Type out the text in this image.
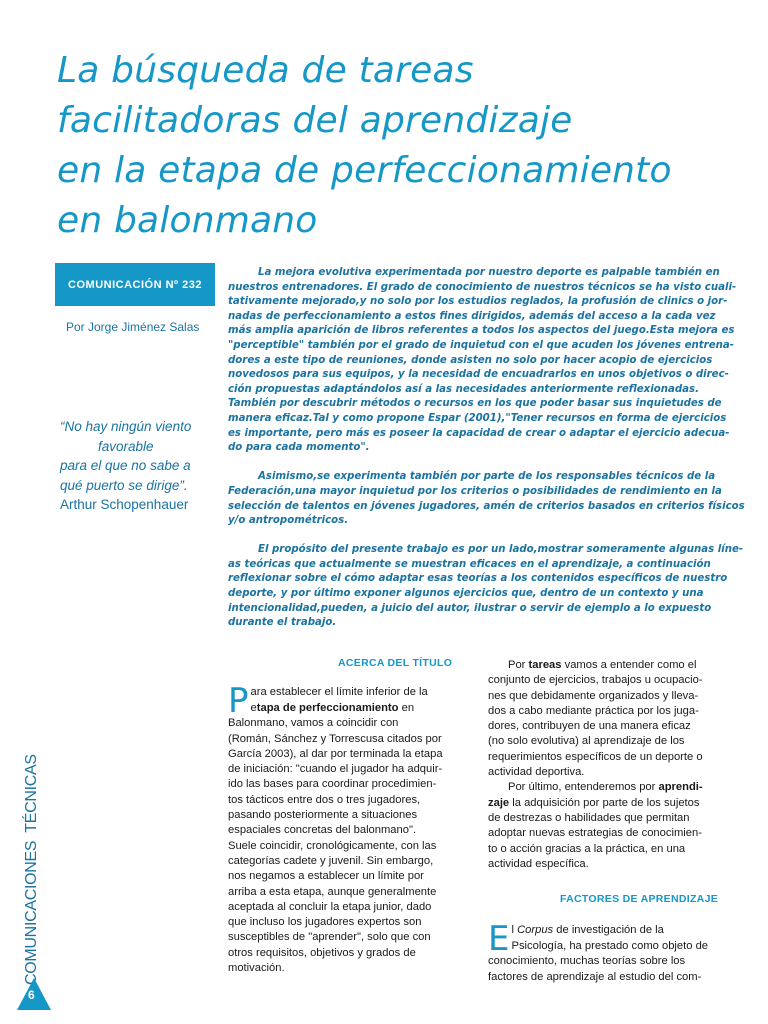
La búsqueda de tareas
facilitadoras del aprendizaje
en la etapa de perfeccionamiento
en balonmano
COMUNICACIÓN Nº 232
Por Jorge Jiménez Salas
“No hay ningún viento
favorable
para el que no sabe a
qué puerto se dirige”.
Arthur Schopenhauer

La mejora evolutiva experimentada por nuestro deporte es palpable también en
nuestros entrenadores. El grado de conocimiento de nuestros técnicos se ha visto cuali-
tativamente mejorado,y no solo por los estudios reglados, la profusión de clinics o jor-
nadas de perfeccionamiento a estos fines dirigidos, además del acceso a la cada vez
más amplia aparición de libros referentes a todos los aspectos del juego.Esta mejora es
"perceptible" también por el grado de inquietud con el que acuden los jóvenes entrena-
dores a este tipo de reuniones, donde asisten no solo por hacer acopio de ejercicios
novedosos para sus equipos, y la necesidad de encuadrarlos en unos objetivos o direc-
ción propuestas adaptándolos así a las necesidades anteriormente reflexionadas.
También por descubrir métodos o recursos en los que poder basar sus inquietudes de
manera eficaz.Tal y como propone Espar (2001),"Tener recursos en forma de ejercicios
es importante, pero más es poseer la capacidad de crear o adaptar el ejercicio adecua-
do para cada momento".

Asimismo,se experimenta también por parte de los responsables técnicos de la
Federación,una mayor inquietud por los criterios o posibilidades de rendimiento en la
selección de talentos en jóvenes jugadores, amén de criterios basados en criterios físicos
y/o antropométricos.

El propósito del presente trabajo es por un lado,mostrar someramente algunas líne-
as teóricas que actualmente se muestran eficaces en el aprendizaje, a continuación
reflexionar sobre el cómo adaptar esas teorías a los contenidos específicos de nuestro
deporte, y por último exponer algunos ejercicios que, dentro de un contexto y una
intencionalidad,pueden, a juicio del autor, ilustrar o servir de ejemplo a lo expuesto
durante el trabajo.

ACERCA DEL TÍTULO
P ara establecer el límite inferior de la
etapa de perfeccionamiento en
Balonmano, vamos a coincidir con
(Román, Sánchez y Torrescusa citados por
García 2003), al dar por terminada la etapa
de iniciación: "cuando el jugador ha adquir-
ido las bases para coordinar procedimien-
tos tácticos entre dos o tres jugadores,
pasando posteriormente a situaciones
espaciales concretas del balonmano".
Suele coincidir, cronológicamente, con las
categorías cadete y juvenil. Sin embargo,
nos negamos a establecer un límite por
arriba a esta etapa, aunque generalmente
aceptada al concluir la etapa junior, dado
que incluso los jugadores expertos son
susceptibles de "aprender", solo que con
otros requisitos, objetivos y grados de
motivación.
Por tareas vamos a entender como el
conjunto de ejercicios, trabajos u ocupacio-
nes que debidamente organizados y lleva-
dos a cabo mediante práctica por los juga-
dores, contribuyen de una manera eficaz
(no solo evolutiva) al aprendizaje de los
requerimientos específicos de un deporte o
actividad deportiva.
Por último, entenderemos por aprendi-
zaje la adquisición por parte de los sujetos
de destrezas o habilidades que permitan
adoptar nuevas estrategias de conocimien-
to o acción gracias a la práctica, en una
actividad específica.
FACTORES DE APRENDIZAJE
E l Corpus de investigación de la
Psicología, ha prestado como objeto de
conocimiento, muchas teorías sobre los
factores de aprendizaje al estudio del com-
COMUNICACIONESTÉCNICAS
6
